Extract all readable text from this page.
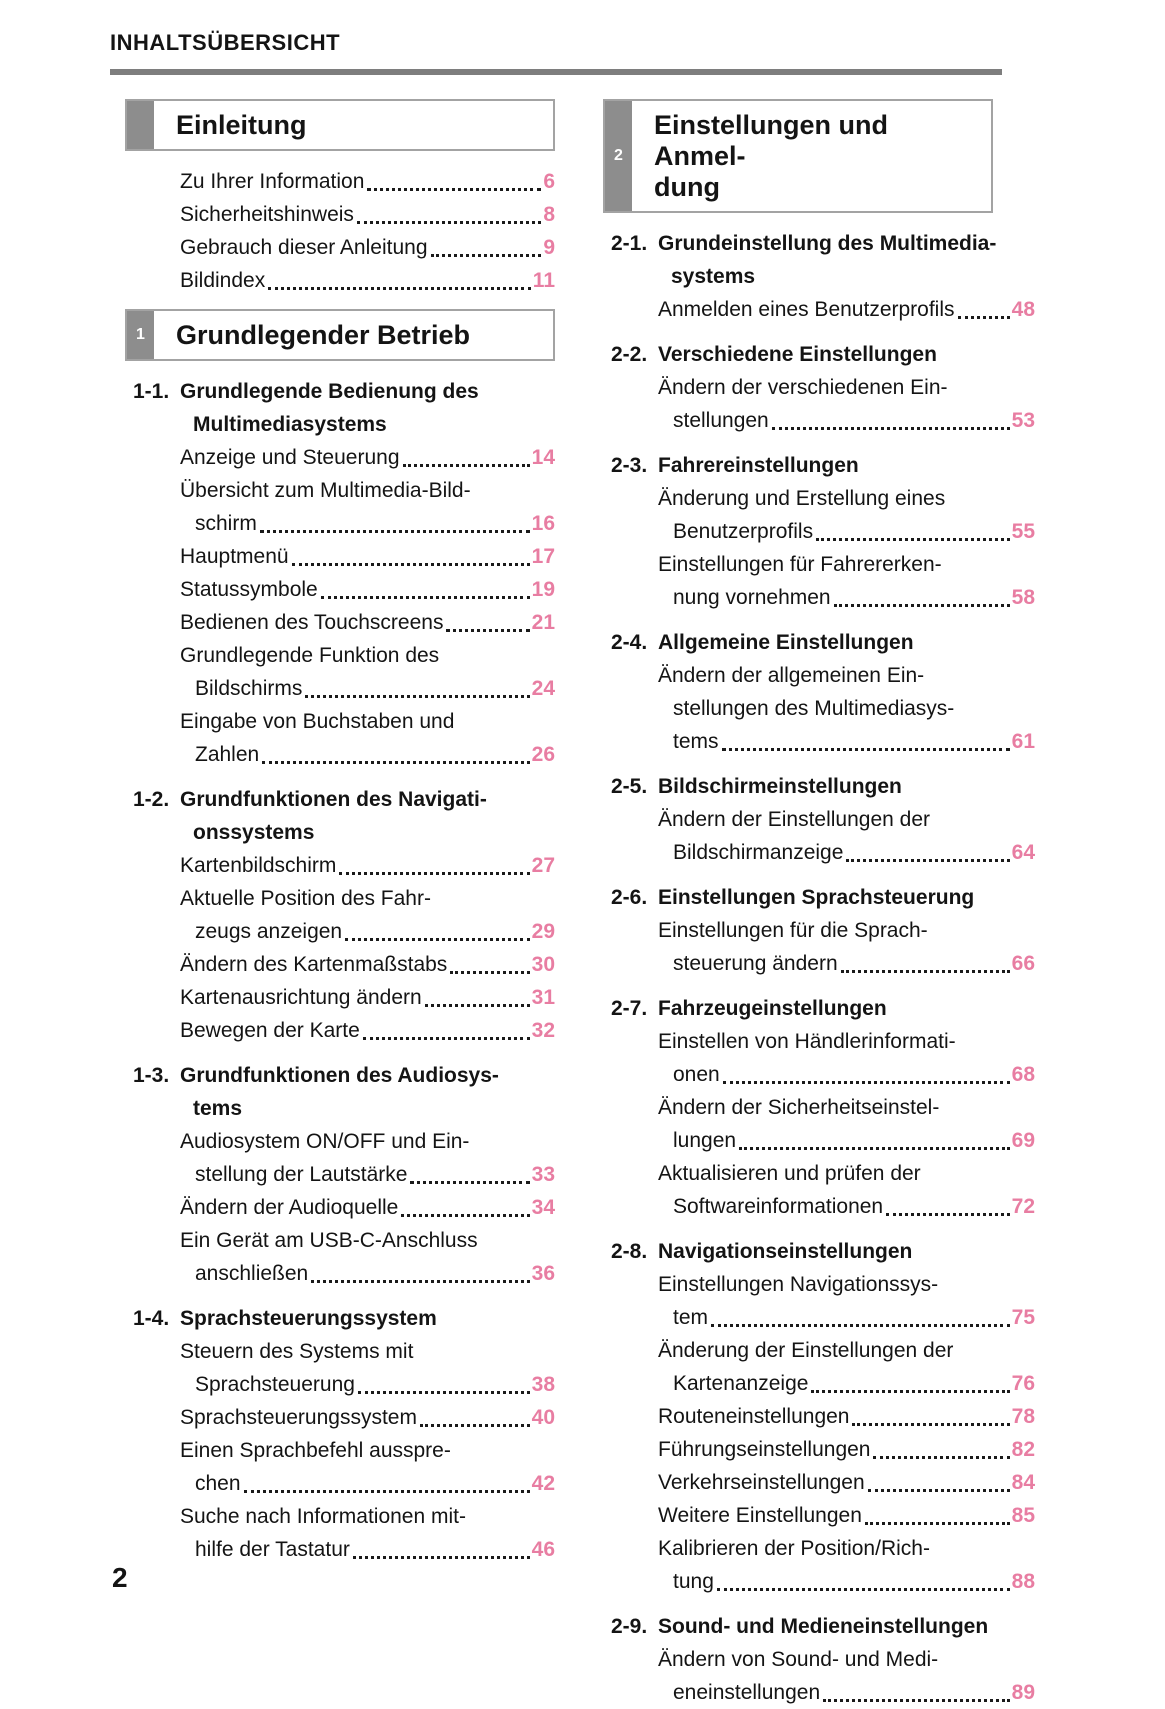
INHALTSÜBERSICHT
Einleitung
Zu Ihrer Information	6
Sicherheitshinweis	8
Gebrauch dieser Anleitung	9
Bildindex	11
1	Grundlegender Betrieb
1-1. Grundlegende Bedienung des
Multimediasystems
Anzeige und Steuerung	14
Übersicht zum Multimedia-Bild-
schirm	16
Hauptmenü	17
Statussymbole	19
Bedienen des Touchscreens	21
Grundlegende Funktion des
Bildschirms	24
Eingabe von Buchstaben und
Zahlen	26
1-2. Grundfunktionen des Navigati-
onssystems
Kartenbildschirm	27
Aktuelle Position des Fahr-
zeugs anzeigen	29
Ändern des Kartenmaßstabs	30
Kartenausrichtung ändern	31
Bewegen der Karte	32
1-3. Grundfunktionen des Audiosys-
tems
Audiosystem ON/OFF und Ein-
stellung der Lautstärke	33
Ändern der Audioquelle	34
Ein Gerät am USB-C-Anschluss
anschließen	36
1-4. Sprachsteuerungssystem
Steuern des Systems mit
Sprachsteuerung	38
Sprachsteuerungssystem	40
Einen Sprachbefehl ausspre-
chen	42
Suche nach Informationen mit-
hilfe der Tastatur	46
2
Einstellungen und Anmel-
dung
2-1. Grundeinstellung des Multimedia-
systems
Anmelden eines Benutzerprofils	48
2-2. Verschiedene Einstellungen
Ändern der verschiedenen Ein-
stellungen	53
2-3. Fahrereinstellungen
Änderung und Erstellung eines
Benutzerprofils	55
Einstellungen für Fahrererken-
nung vornehmen	58
2-4. Allgemeine Einstellungen
Ändern der allgemeinen Ein-
stellungen des Multimediasys-
tems	61
2-5. Bildschirmeinstellungen
Ändern der Einstellungen der
Bildschirmanzeige	64
2-6. Einstellungen Sprachsteuerung
Einstellungen für die Sprach-
steuerung ändern	66
2-7. Fahrzeugeinstellungen
Einstellen von Händlerinformati-
onen	68
Ändern der Sicherheitseinstel-
lungen	69
Aktualisieren und prüfen der
Softwareinformationen	72
2-8. Navigationseinstellungen
Einstellungen Navigationssys-
tem	75
Änderung der Einstellungen der
Kartenanzeige	76
Routeneinstellungen	78
Führungseinstellungen	82
Verkehrseinstellungen	84
Weitere Einstellungen	85
Kalibrieren der Position/Rich-
tung	88
2-9. Sound- und Medieneinstellungen
Ändern von Sound- und Medi-
eneinstellungen	89
2
